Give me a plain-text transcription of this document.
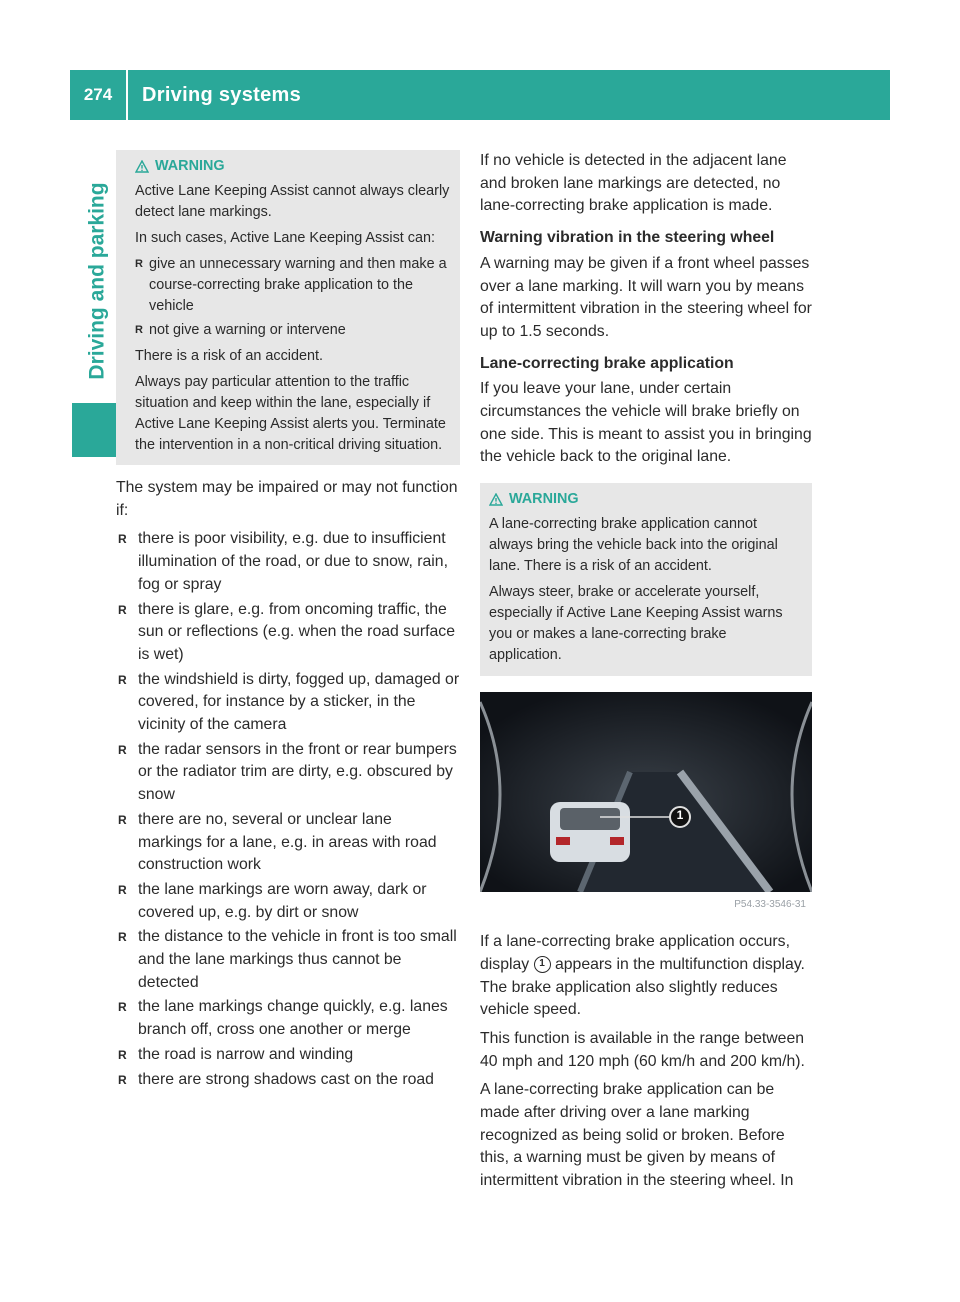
274	Driving systems
Driving and parking
WARNING

Active Lane Keeping Assist cannot always clearly detect lane markings.

In such cases, Active Lane Keeping Assist can:

R give an unnecessary warning and then make a course-correcting brake application to the vehicle
R not give a warning or intervene

There is a risk of an accident.

Always pay particular attention to the traffic situation and keep within the lane, especially if Active Lane Keeping Assist alerts you. Terminate the intervention in a non-critical driving situation.

The system may be impaired or may not function if:

R there is poor visibility, e.g. due to insufficient illumination of the road, or due to snow, rain, fog or spray
R there is glare, e.g. from oncoming traffic, the sun or reflections (e.g. when the road surface is wet)
R the windshield is dirty, fogged up, damaged or covered, for instance by a sticker, in the vicinity of the camera
R the radar sensors in the front or rear bumpers or the radiator trim are dirty, e.g. obscured by snow
R there are no, several or unclear lane markings for a lane, e.g. in areas with road construction work
R the lane markings are worn away, dark or covered up, e.g. by dirt or snow
R the distance to the vehicle in front is too small and the lane markings thus cannot be detected
R the lane markings change quickly, e.g. lanes branch off, cross one another or merge
R the road is narrow and winding
R there are strong shadows cast on the road

If no vehicle is detected in the adjacent lane and broken lane markings are detected, no lane-correcting brake application is made.

Warning vibration in the steering wheel

A warning may be given if a front wheel passes over a lane marking. It will warn you by means of intermittent vibration in the steering wheel for up to 1.5 seconds.

Lane-correcting brake application

If you leave your lane, under certain circumstances the vehicle will brake briefly on one side. This is meant to assist you in bringing the vehicle back to the original lane.

WARNING

A lane-correcting brake application cannot always bring the vehicle back into the original lane. There is a risk of an accident.

Always steer, brake or accelerate yourself, especially if Active Lane Keeping Assist warns you or makes a lane-correcting brake application.

1
P54.33-3546-31

If a lane-correcting brake application occurs, display 1 appears in the multifunction display. The brake application also slightly reduces vehicle speed.

This function is available in the range between 40 mph and 120 mph (60 km/h and 200 km/h).

A lane-correcting brake application can be made after driving over a lane marking recognized as being solid or broken. Before this, a warning must be given by means of intermittent vibration in the steering wheel. In
